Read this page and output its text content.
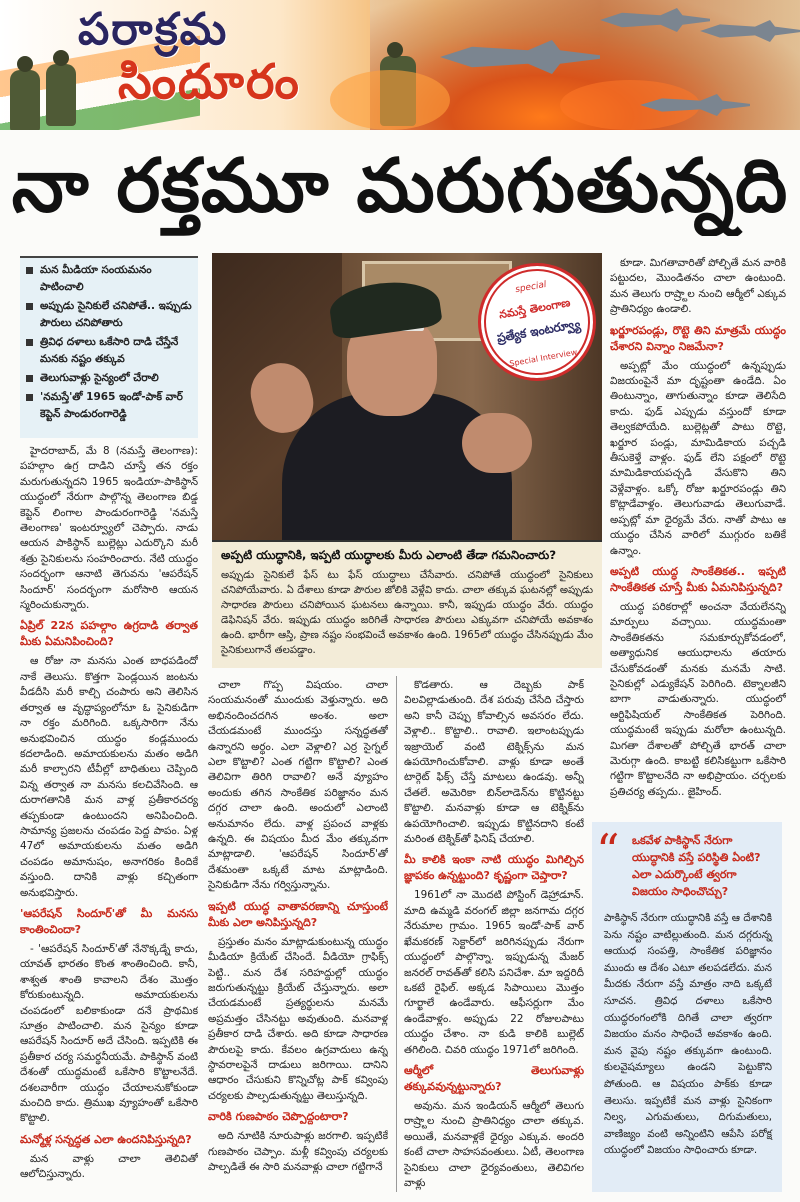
పరాక్రమ
సిందూరం
నా రక్తమూ మరుగుతున్నది
మన మీడియా సంయమనం పాటించాలి
అప్పుడు సైనికులే చనిపోతే.. ఇప్పుడు పౌరులు చనిపోతారు
త్రివిధ దళాలు ఒకేసారి దాడి చేస్తేనే మనకు నష్టం తక్కువ
తెలుగువాళ్లు సైన్యంలో చేరాలి
'నమస్తే'తో 1965 ఇండో-పాక్ వార్ కెప్టెన్ పాండురంగారెడ్డి

హైదరాబాద్, మే 8 (నమస్తే తెలంగాణ): పహల్గాం ఉగ్ర దాడిని చూస్తే తన రక్తం మరుగుతున్నదని 1965 ఇండియా-పాకిస్థాన్ యుద్ధంలో నేరుగా పాల్గొన్న తెలంగాణ బిడ్డ కెప్టెన్ లింగాల పాండురంగారెడ్డి 'నమస్తే తెలంగాణ' ఇంటర్వ్యూలో చెప్పారు. నాడు ఆయన పాకిస్థాన్ బుల్లెట్లు ఎదుర్కొని మరీ శత్రు సైనికులను సంహరించారు. నేటి యుద్ధం సందర్భంగా ఆనాటి తెగువను 'ఆపరేషన్ సిందూర్' సందర్భంగా మరోసారి ఆయన స్మరించుకున్నారు.

ఏప్రిల్ 22న పహల్గాం ఉగ్రదాడి తర్వాత మీకు ఏమనిపించింది?

ఆ రోజు నా మనసు ఎంత బాధపడిందో నాకే తెలుసు. కొత్తగా పెండ్లయిన జంటను వీడదీసి మరీ కాల్చి చంపారు అని తెలిసిన తర్వాత ఆ వృద్ధాప్యంలోనూ ఓ సైనికుడిగా నా రక్తం మరిగింది. ఒక్కసారిగా నేను అనుభవించిన యుద్ధం కండ్లముందు కదలాడింది. అమాయకులను మతం అడిగి మరీ కాల్చారని టీవీల్లో బాధితులు చెప్పింది విన్న తర్వాత నా మనసు కలచివేసింది. ఆ దురాగతానికి మన వాళ్ల ప్రతీకారచర్య తప్పకుండా ఉంటుందని అనిపించింది. సామాన్య ప్రజలను చంపడం పెద్ద పాపం. ఏళ్ల 47లో అమాయకులను మతం అడిగి చంపడం అమానుషం, అనాగరికం కిందికే వస్తుంది. దానికి వాళ్లు కచ్చితంగా అనుభవిస్తారు.

'ఆపరేషన్ సిందూర్'తో మీ మనసు కాంతించిందా?

- 'ఆపరేషన్ సిందూర్'తో నేనొక్కడ్నే కాదు, యావత్ భారతం కొంత శాంతించింది. కానీ, శాశ్వత శాంతి కావాలని దేశం మొత్తం కోరుకుంటున్నది. అమాయకులను చంపడంలో బలికాకుండా దనే ప్రాథమిక సూత్రం పాటించాలి. మన సైన్యం కూడా ఆపరేషన్ సిందూర్ అదే చేసింది. ఇప్పటికి ఈ ప్రతీకార చర్య సమర్థనీయమే. పాకిస్థాన్ వంటి దేశంతో యుద్ధమంటే ఒకేసారి కొట్టాలనేదే. దశలవారీగా యుద్ధం చేయాలనుకోకుండా మంచిది కాదు. త్రిముఖ వ్యూహంతో ఒకేసారి కొట్టాలి.

మన్మోళ్ల సన్నద్ధత ఎలా ఉందనిపిస్తున్నది?

మన వాళ్లు చాలా తెలివితో ఆలోచిస్తున్నారు.

special
నమస్తే తెలంగాణ
ప్రత్యేక ఇంటర్వ్యూ
Special Interview
అప్పటి యుద్ధానికి, ఇప్పటి యుద్ధాలకు మీరు ఎలాంటి తేడా గమనించారు?
అప్పుడు సైనికులే ఫేస్ టు ఫేస్ యుద్ధాలు చేసేవారు. చనిపోతే యుద్ధంలో సైనికులు చనిపోయేవారు. ఏ దేశాలు కూడా పౌరుల జోలికి వెళ్లేవి కాదు. చాలా తక్కువ ఘటనల్లో అప్పుడు సాధారణ పౌరులు చనిపోయిన ఘటనలు ఉన్నాయి. కానీ, ఇప్పుడు యుద్ధం వేరు. యుద్ధం డెఫినిషన్ వేరు. ఇప్పుడు యుద్ధం జరిగితే సాధారణ పౌరులు ఎక్కువగా చనిపోయే అవకాశం ఉంది. భారీగా ఆస్తి, ప్రాణ నష్టం సంభవించే అవకాశం ఉంది. 1965లో యుద్ధం చేసినప్పుడు మేం సైనికులుగానే తలపడ్డాం.

చాలా గొప్ప విషయం. చాలా సంయమనంతో ముందుకు వెళ్తున్నారు. అది అభినందించదగిన అంశం. అలా చేయడమంటే ముందస్తు సన్నద్ధతతో ఉన్నారని అర్థం. ఎలా వెళ్లాలి? ఎర్ర సైగ్నల్ ఎలా కొట్టాలి? ఎంత గట్టిగా కొట్టాలి? ఎంత తెలివిగా తిరిగి రావాలి? అనే వ్యూహం అందుకు తగిన సాంకేతిక పరిజ్ఞానం మన దగ్గర చాలా ఉంది. అందులో ఎలాంటి అనుమానం లేదు. వాళ్ల ప్రపంచ వాళ్లకు ఉన్నది. ఈ విషయం మీద మేం తక్కువగా మాట్లాడాలి. 'ఆపరేషన్ సిందూర్'తో దేశమంతా ఒక్కటే మాట మాట్లాడింది. సైనికుడిగా నేను గర్విస్తున్నాను.

ఇప్పటి యుద్ధ వాతావరణాన్ని చూస్తుంటే మీకు ఎలా అనిపిస్తున్నది?

ప్రస్తుతం మనం మాట్లాడుకుంటున్న యుద్ధం మీడియా క్రియేట్ చేసిందే. వీడియో గ్రాఫిక్స్ పెట్టి.. మన దేశ సరిహద్దుల్లో యుద్ధం జరుగుతున్నట్టు క్రియేట్ చేస్తున్నారు. అలా చేయడమంటే ప్రత్యర్థులను మనమే అప్రమత్తం చేసినట్టు అవుతుంది. మనవాళ్ల ప్రతీకార దాడి చేశారు. అది కూడా సాధారణ పౌరులపై కాదు. కేవలం ఉగ్రవాదులు ఉన్న స్థావరాలపైనే దాడులు జరిగాయి. దానిని ఆధారం చేసుకుని కొన్నిచోట్ల పాక్ కవ్వింపు చర్యలకు పాల్పడుతున్నట్టు తెలుస్తున్నది.

వారికి గుణపాఠం చెప్పొద్దంటారా?

అది నూటికి నూరుపాళ్లు జరగాలి. ఇప్పటికే గుణపాఠం చెప్పాం. మళ్లీ కవ్వింపు చర్యలకు పాల్పడితే ఈ సారి మనవాళ్లు చాలా గట్టిగానే

కొడతారు. ఆ దెబ్బకు పాక్ విలవిల్లాడుతుంది. దేశ పరువు చేసేది చేస్తారు అని కానీ చెప్పు కోవాల్సిన అవసరం లేదు. వెళ్లాలి.. కొట్టాలి.. రావాలి. ఇలాంటప్పుడు ఇజ్రాయెల్ వంటి టెక్నిక్స్‌ను మన ఉపయోగించుకోవాలి. వాళ్లు కూడా అంతే టార్గెట్ ఫిక్స్ చేస్తే మాటలు ఉండవు. అన్నీ చేతలే. అమెరికా బిన్‌లాడెన్‌ను కొట్టినట్టు కొట్టాలి. మనవాళ్లు కూడా ఆ టెక్నిక్‌ను ఉపయోగించాలి. ఇప్పుడు కొట్టినదాని కంటే మరింత టెక్నిక్‌తో ఫినిష్ చేయాలి.

మీ కాలికి ఇంకా నాటి యుద్ధం మిగిల్చిన జ్ఞాపకం ఉన్నట్టుంది? కృష్ణంగా చెప్తారా?

1961లో నా మొదటి పోస్టింగ్ డెహ్రాడూన్. మాది ఉమ్మడి వరంగల్ జిల్లా జనగామ దగ్గర నేరుమాల గ్రామం. 1965 ఇండో-పాక్ వార్ ఖేమకరణ్ సెక్టార్‌లో జరిగినప్పుడు నేరుగా యుద్ధంలో పాల్గొన్నా. ఇప్పుడున్న మేజర్ జనరల్ రావత్‌తో కలిసి పనిచేశా. మా ఇద్దరిదీ ఒకటే రైఫిల్. అక్కడ సిపాయిలు మొత్తం గూర్ఖాలే ఉండేవారు. ఆఫీసర్లుగా మేం ఉండేవాళ్లం. అప్పుడు 22 రోజులపాటు యుద్ధం చేశాం. నా కుడి కాలికి బుల్లెట్ తగిలింది. చివరి యుద్ధం 1971లో జరిగింది.

ఆర్మీలో తెలుగువాళ్లు తక్కువవున్నట్టున్నారు?

అవును. మన ఇండియన్ ఆర్మీలో తెలుగు రాష్ర్టాల నుంచి ప్రాతినిధ్యం చాలా తక్కువ. అయితే, మనవాళ్లకే ధైర్యం ఎక్కువ. అందరి కంటే చాలా సాహసవంతులు. ఏటీ, తెలంగాణ సైనికులు చాలా ధైర్యవంతులు, తెలివిగల వాళ్లు

కూడా. మిగతావారితో పోల్చితే మన వారికి పట్టుదల, మొండితనం చాలా ఉంటుంది. మన తెలుగు రాష్ర్టాల నుంచి ఆర్మీలో ఎక్కువ ప్రాతినిధ్యం ఉండాలి.

ఖర్జూరపండ్లు, రొట్టె తిని మాత్రమే యుద్ధం చేశారని విన్నాం నిజమేనా?

అప్పట్లో మేం యుద్ధంలో ఉన్నప్పుడు విజయంపైనే మా దృష్టంతా ఉండేది. ఏం తింటున్నాం, తాగుతున్నాం కూడా తెలిసేది కాదు. ఫుడ్ ఎప్పుడు వస్తుందో కూడా తెల్వకపోయేది. బుల్లెట్లతో పాటు రొట్టె, ఖర్జూర పండ్లు, మామిడికాయ పచ్చడి తీసుకెళ్తే వాళ్లం. ఫుడ్ లేని పక్షంలో రొట్టె మామిడికాయపచ్చడి వేసుకొని తిని వెళ్లేవాళ్లం. ఒక్కో రోజు ఖర్జూరపండ్లు తిని కొట్లాడేవాళ్లం. తెలుగువాడు తెలుగువాడే. అప్పట్లో మా ధైర్యమే వేరు. నాతో పాటు ఆ యుద్ధం చేసిన వారిలో ముగ్గురం బతికే ఉన్నాం.

అప్పటి యుద్ధ సాంకేతికత.. ఇప్పటి సాంకేతికత చూస్తే మీకు ఏమనిపిస్తున్నది?

యుద్ధ పరికరాల్లో అంచనా వేయలేనన్ని మార్పులు వచ్చాయి. యుద్ధమంతా సాంకేతికతను సమకూర్చుకోవడంలో, అత్యాధునిక ఆయుధాలను తయారు చేసుకోవడంతో మనకు మనమే సాటి. సైనికుల్లో ఎడ్యుకేషన్ పెరిగింది. టెక్నాలజీని బాగా వాడుతున్నారు. యుద్ధంలో ఆర్టిఫిషియల్ సాంకేతికత పెరిగింది. యుద్ధమంటే ఇప్పుడు మరోలా ఉంటున్నది. మిగతా దేశాలతో పోల్చితే భారత్ చాలా మెరుగ్గా ఉంది. కాబట్టి కలిసికట్టుగా ఒకేసారి గట్టిగా కొట్టాలనేది నా అభిప్రాయం. చర్చలకు ప్రతిచర్య తప్పదు.. జైహింద్.

“ ఒకవేళ పాకిస్థాన్ నేరుగా యుద్ధానికి వస్తే పరిస్థితి ఏంటి? ఎలా ఎదుర్కొంటే త్వరగా విజయం సాధించొచ్చు?
పాకిస్థాన్ నేరుగా యుద్ధానికి వస్తే ఆ దేశానికి పెను నష్టం వాటిల్లుతుంది. మన దగ్గరున్న ఆయుధ సంపత్తి, సాంకేతిక పరిజ్ఞానం ముందు ఆ దేశం ఎటూ తలపడలేదు. మన మీదకు నేరుగా వస్తే మాత్రం నాది ఒక్కటే సూచన. త్రివిధ దళాలు ఒకేసారి యుద్ధరంగంలోకి దిగితే చాలా త్వరగా విజయం మనం సాధించే అవకాశం ఉంది. మన వైపు నష్టం తక్కువగా ఉంటుంది. కులవైషమ్యాలు ఉండని పెట్టుకొని పోతుంది. ఆ విషయం పాక్‌కు కూడా తెలుసు. ఇప్పటికే మన వాళ్లు సైనికంగా నిల్వ, ఎగుమతులు, దిగుమతులు, వాణిజ్యం వంటి అన్నింటిని ఆపేసి పరోక్ష యుద్ధంలో విజయం సాధించారు కూడా.
